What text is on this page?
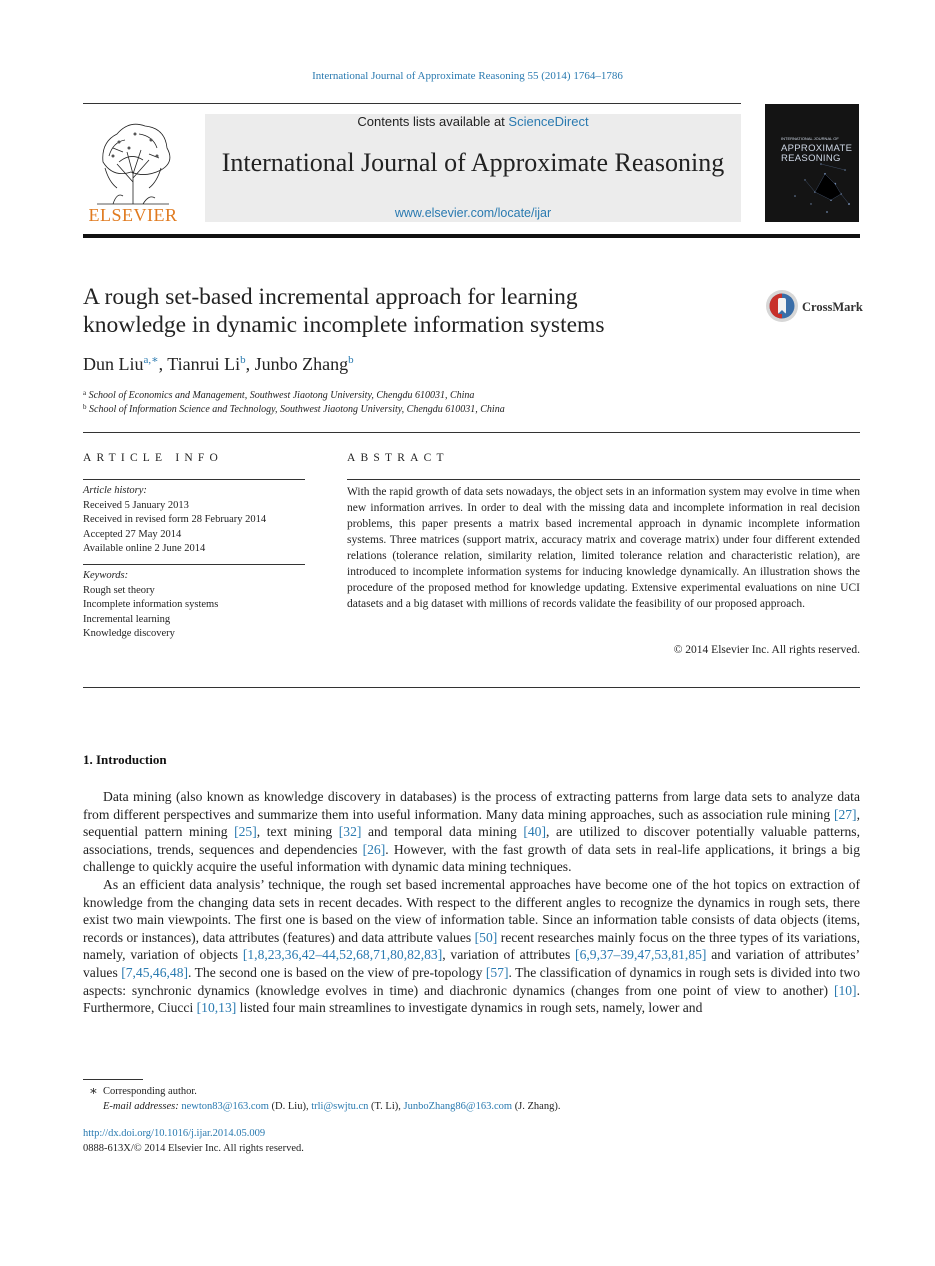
International Journal of Approximate Reasoning 55 (2014) 1764–1786
ELSEVIER
Contents lists available at ScienceDirect
International Journal of Approximate Reasoning
www.elsevier.com/locate/ijar
INTERNATIONAL JOURNAL OF
APPROXIMATE
REASONING
A rough set-based incremental approach for learning
knowledge in dynamic incomplete information systems
CrossMark
Dun Liu$^{a,∗}$, Tianrui Li$^b$, Junbo Zhang$^b$
$^a$ School of Economics and Management, Southwest Jiaotong University, Chengdu 610031, China
$^b$ School of Information Science and Technology, Southwest Jiaotong University, Chengdu 610031, China
ARTICLE INFO
Article history:
Received 5 January 2013
Received in revised form 28 February 2014
Accepted 27 May 2014
Available online 2 June 2014
Keywords:
Rough set theory
Incomplete information systems
Incremental learning
Knowledge discovery
ABSTRACT
With the rapid growth of data sets nowadays, the object sets in an information system may evolve in time when new information arrives. In order to deal with the missing data and incomplete information in real decision problems, this paper presents a matrix based incremental approach in dynamic incomplete information systems. Three matrices (support matrix, accuracy matrix and coverage matrix) under four different extended relations (tolerance relation, similarity relation, limited tolerance relation and characteristic relation), are introduced to incomplete information systems for inducing knowledge dynamically. An illustration shows the procedure of the proposed method for knowledge updating. Extensive experimental evaluations on nine UCI datasets and a big dataset with millions of records validate the feasibility of our proposed approach.
© 2014 Elsevier Inc. All rights reserved.
1. Introduction

Data mining (also known as knowledge discovery in databases) is the process of extracting patterns from large data sets to analyze data from different perspectives and summarize them into useful information. Many data mining approaches, such as association rule mining [27], sequential pattern mining [25], text mining [32] and temporal data mining [40], are utilized to discover potentially valuable patterns, associations, trends, sequences and dependencies [26]. However, with the fast growth of data sets in real-life applications, it brings a big challenge to quickly acquire the useful information with dynamic data mining techniques.

As an efficient data analysis’ technique, the rough set based incremental approaches have become one of the hot topics on extraction of knowledge from the changing data sets in recent decades. With respect to the different angles to recognize the dynamics in rough sets, there exist two main viewpoints. The first one is based on the view of information table. Since an information table consists of data objects (items, records or instances), data attributes (features) and data attribute values [50] recent researches mainly focus on the three types of its variations, namely, variation of objects [1,8,23,36,42–44,52,68,71,80,82,83], variation of attributes [6,9,37–39,47,53,81,85] and variation of attributes’ values [7,45,46,48]. The second one is based on the view of pre-topology [57]. The classification of dynamics in rough sets is divided into two aspects: synchronic dynamics (knowledge evolves in time) and diachronic dynamics (changes from one point of view to another) [10]. Furthermore, Ciucci [10,13] listed four main streamlines to investigate dynamics in rough sets, namely, lower and

∗ Corresponding author.
E-mail addresses: newton83@163.com (D. Liu), trli@swjtu.cn (T. Li), JunboZhang86@163.com (J. Zhang).
http://dx.doi.org/10.1016/j.ijar.2014.05.009
0888-613X/© 2014 Elsevier Inc. All rights reserved.
